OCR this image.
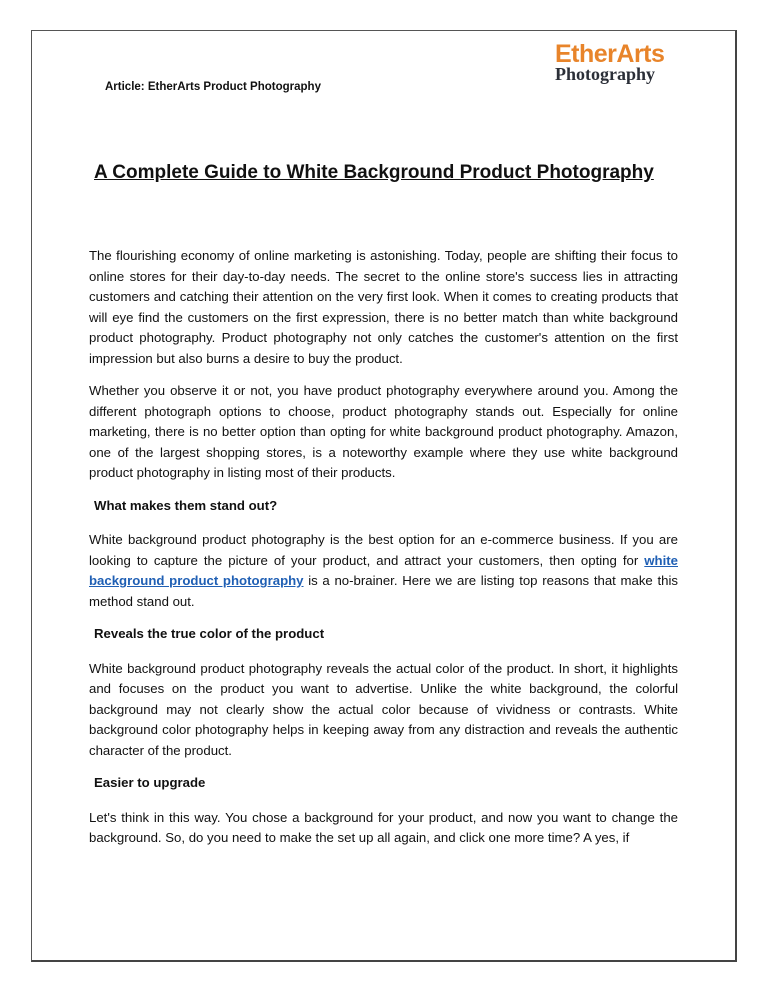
Article: EtherArts Product Photography
EtherArts
Photography
A Complete Guide to White Background Product Photography

The flourishing economy of online marketing is astonishing. Today, people are shifting their focus to online stores for their day-to-day needs. The secret to the online store's success lies in attracting customers and catching their attention on the very first look. When it comes to creating products that will eye find the customers on the first expression, there is no better match than white background product photography. Product photography not only catches the customer's attention on the first impression but also burns a desire to buy the product.

Whether you observe it or not, you have product photography everywhere around you. Among the different photograph options to choose, product photography stands out. Especially for online marketing, there is no better option than opting for white background product photography. Amazon, one of the largest shopping stores, is a noteworthy example where they use white background product photography in listing most of their products.

What makes them stand out?

White background product photography is the best option for an e-commerce business. If you are looking to capture the picture of your product, and attract your customers, then opting for white background product photography is a no-brainer. Here we are listing top reasons that make this method stand out.

Reveals the true color of the product

White background product photography reveals the actual color of the product. In short, it highlights and focuses on the product you want to advertise. Unlike the white background, the colorful background may not clearly show the actual color because of vividness or contrasts. White background color photography helps in keeping away from any distraction and reveals the authentic character of the product.

Easier to upgrade

Let's think in this way. You chose a background for your product, and now you want to change the background. So, do you need to make the set up all again, and click one more time? A yes, if
